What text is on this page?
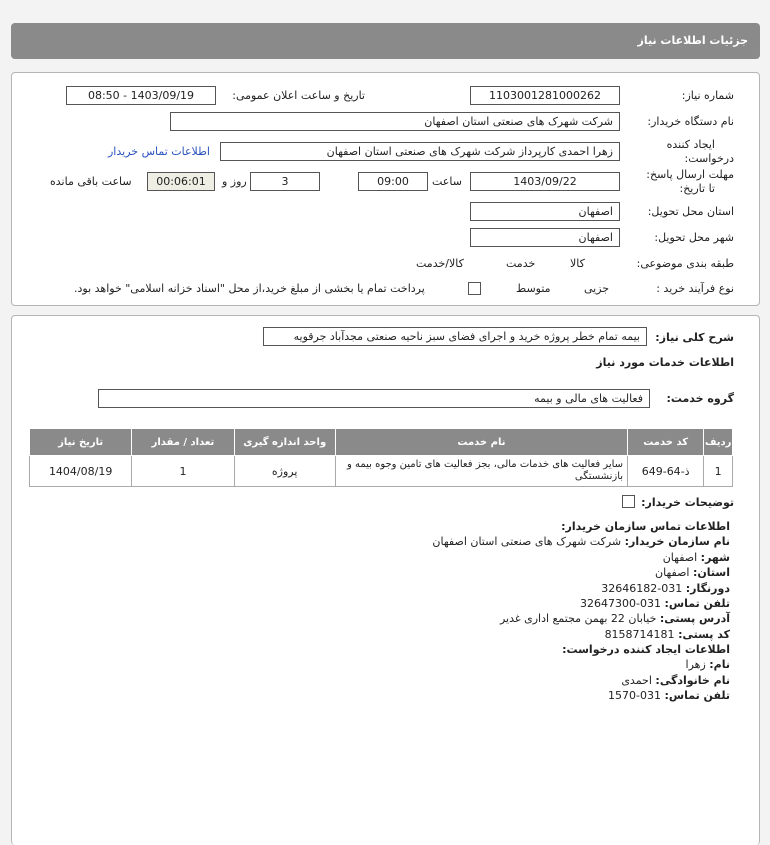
جزئیات اطلاعات نیاز
شماره نیاز:
1103001281000262
تاریخ و ساعت اعلان عمومی:
1403/09/19 - 08:50
نام دستگاه خریدار:
شرکت شهرک های صنعتی استان اصفهان
ایجاد کننده
درخواست:
زهرا احمدی کارپرداز شرکت شهرک های صنعتی استان اصفهان
اطلاعات تماس خریدار
مهلت ارسال پاسخ:
تا تاریخ:
1403/09/22
ساعت
09:00
3
روز و
00:06:01
ساعت باقی مانده
استان محل تحویل:
اصفهان
شهر محل تحویل:
اصفهان
طبقه بندی موضوعی:

کالا

خدمت

کالا/خدمت
نوع فرآیند خرید :

جزیی
متوسط
پرداخت تمام یا بخشی از مبلغ خرید،از محل "اسناد خزانه اسلامی" خواهد بود.
شرح کلی نیاز:
بیمه تمام خطر پروژه خرید و اجرای فضای سبز ناحیه صنعتی مجدآباد جرقویه
اطلاعات خدمات مورد نیاز
گروه خدمت:
فعالیت های مالی و بیمه
ردیف	کد خدمت	نام خدمت	واحد اندازه گیری	تعداد / مقدار	تاریخ نیاز
1	ذ-64-649	سایر فعالیت های خدمات مالی، بجز فعالیت های تامین وجوه بیمه و بازنشستگی	پروژه	1	1404/08/19
توضیحات خریدار:
اطلاعات تماس سازمان خریدار:
نام سازمان خریدار: شرکت شهرک های صنعتی استان اصفهان
شهر: اصفهان
استان: اصفهان
دورنگار: 031-32646182
تلفن تماس: 031-32647300
آدرس پستی: خیابان 22 بهمن مجتمع اداری غدیر
کد پستی: 8158714181
اطلاعات ایجاد کننده درخواست:
نام: زهرا
نام خانوادگی: احمدی
تلفن تماس: 031-1570
